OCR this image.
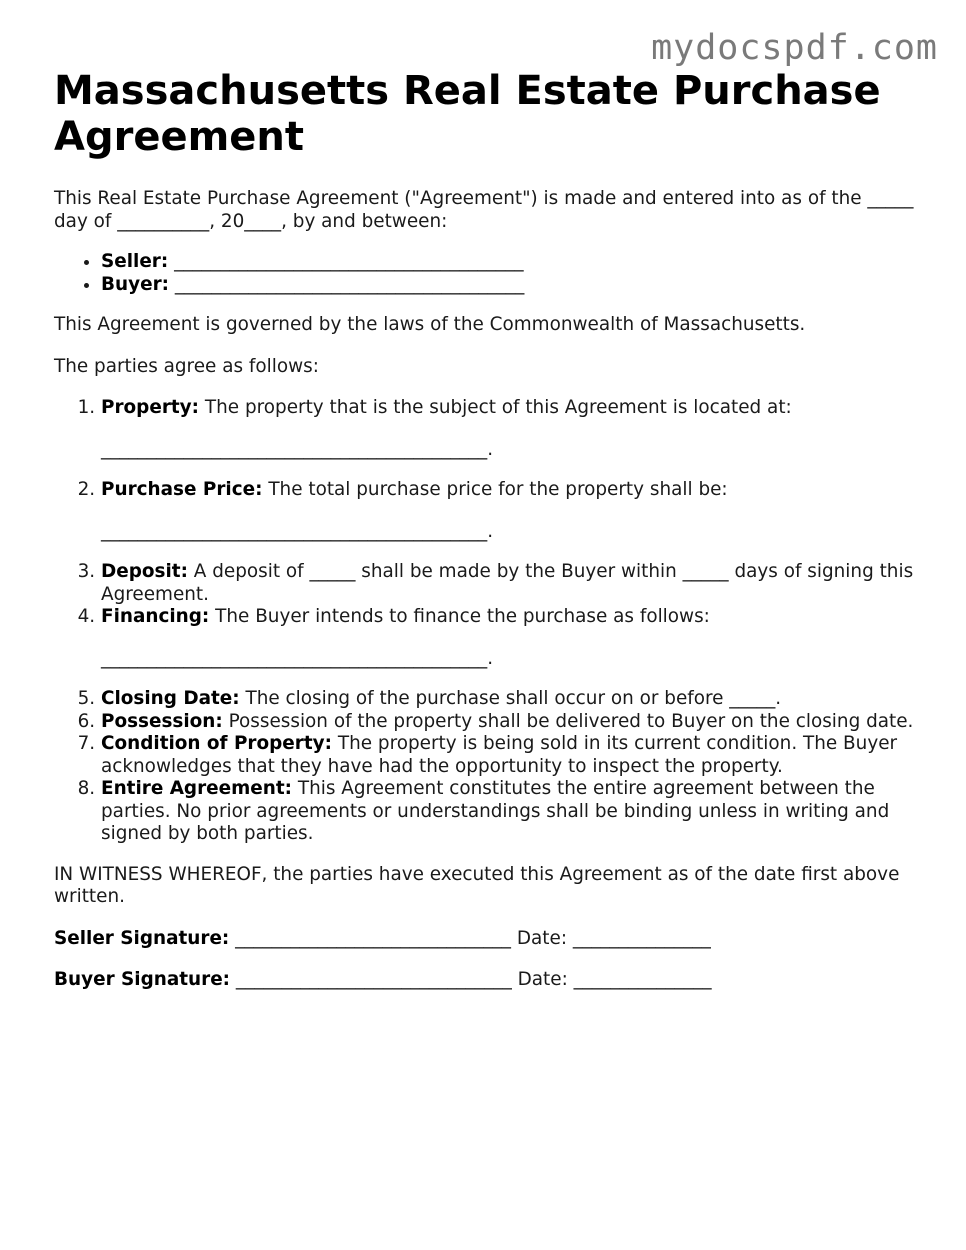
mydocspdf.com
Massachusetts Real Estate Purchase Agreement

This Real Estate Purchase Agreement ("Agreement") is made and entered into as of the _____ day of __________, 20____, by and between:

• Seller: ______________________________________
• Buyer: ______________________________________

This Agreement is governed by the laws of the Commonwealth of Massachusetts.

The parties agree as follows:

1. Property: The property that is the subject of this Agreement is located at:

__________________________________________.

2. Purchase Price: The total purchase price for the property shall be:

__________________________________________.

3. Deposit: A deposit of _____ shall be made by the Buyer within _____ days of signing this Agreement.
4. Financing: The Buyer intends to finance the purchase as follows:

__________________________________________.

5. Closing Date: The closing of the purchase shall occur on or before _____.
6. Possession: Possession of the property shall be delivered to Buyer on the closing date.
7. Condition of Property: The property is being sold in its current condition. The Buyer acknowledges that they have had the opportunity to inspect the property.
8. Entire Agreement: This Agreement constitutes the entire agreement between the parties. No prior agreements or understandings shall be binding unless in writing and signed by both parties.

IN WITNESS WHEREOF, the parties have executed this Agreement as of the date first above written.

Seller Signature: ______________________________ Date: _______________

Buyer Signature: ______________________________ Date: _______________
